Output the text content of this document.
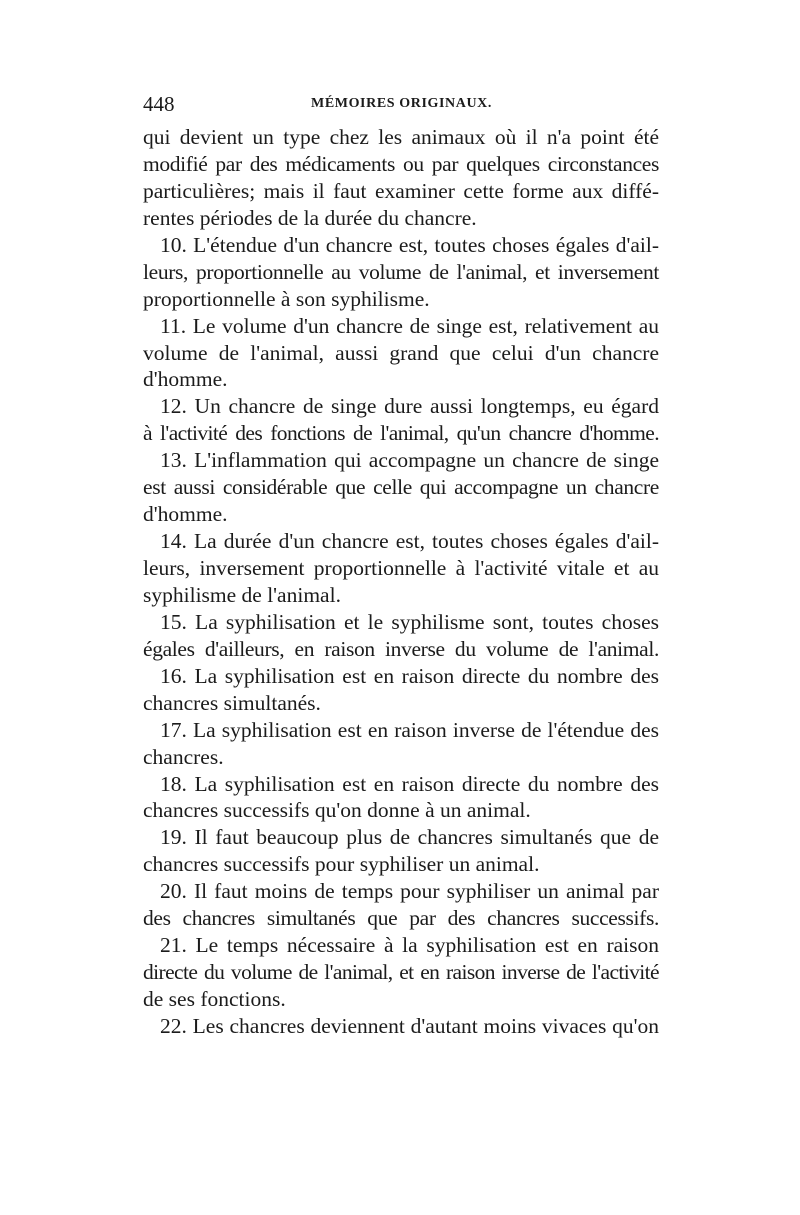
448	MÉMOIRES ORIGINAUX.
qui devient un type chez les animaux où il n'a point été
modifié par des médicaments ou par quelques circonstances
particulières; mais il faut examiner cette forme aux diffé-
rentes périodes de la durée du chancre.
10. L'étendue d'un chancre est, toutes choses égales d'ail-
leurs, proportionnelle au volume de l'animal, et inversement
proportionnelle à son syphilisme.
11. Le volume d'un chancre de singe est, relativement au
volume de l'animal, aussi grand que celui d'un chancre
d'homme.
12. Un chancre de singe dure aussi longtemps, eu égard
à l'activité des fonctions de l'animal, qu'un chancre d'homme.
13. L'inflammation qui accompagne un chancre de singe
est aussi considérable que celle qui accompagne un chancre
d'homme.
14. La durée d'un chancre est, toutes choses égales d'ail-
leurs, inversement proportionnelle à l'activité vitale et au
syphilisme de l'animal.
15. La syphilisation et le syphilisme sont, toutes choses
égales d'ailleurs, en raison inverse du volume de l'animal.
16. La syphilisation est en raison directe du nombre des
chancres simultanés.
17. La syphilisation est en raison inverse de l'étendue des
chancres.
18. La syphilisation est en raison directe du nombre des
chancres successifs qu'on donne à un animal.
19. Il faut beaucoup plus de chancres simultanés que de
chancres successifs pour syphiliser un animal.
20. Il faut moins de temps pour syphiliser un animal par
des chancres simultanés que par des chancres successifs.
21. Le temps nécessaire à la syphilisation est en raison
directe du volume de l'animal, et en raison inverse de l'activité
de ses fonctions.
22. Les chancres deviennent d'autant moins vivaces qu'on
